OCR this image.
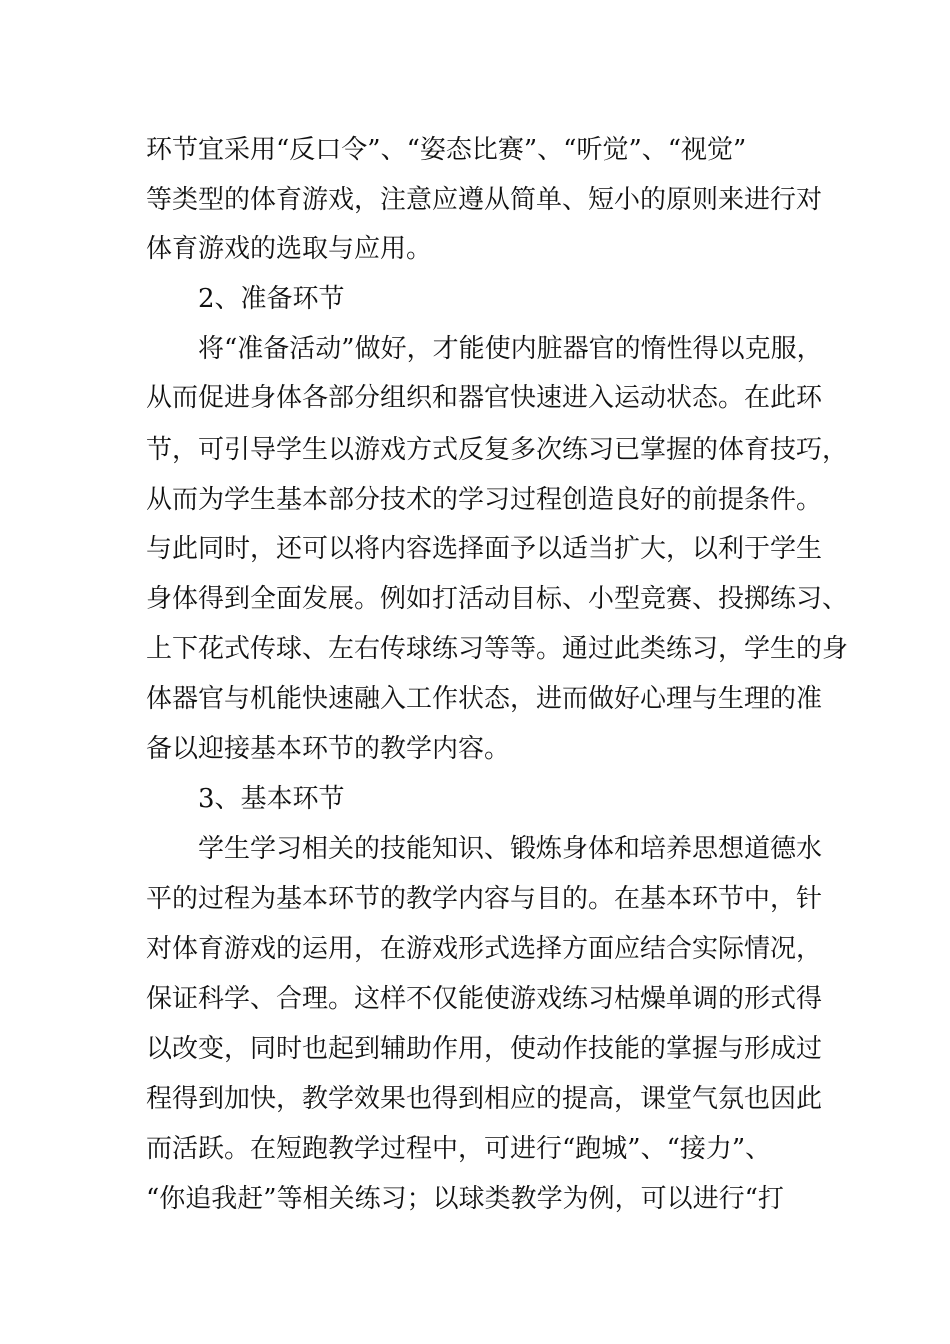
环节宜采用“反口令”、“姿态比赛”、“听觉”、“视觉”
等类型的体育游戏，注意应遵从简单、短小的原则来进行对
体育游戏的选取与应用。
2、准备环节
将“准备活动”做好，才能使内脏器官的惰性得以克服，
从而促进身体各部分组织和器官快速进入运动状态。在此环
节，可引导学生以游戏方式反复多次练习已掌握的体育技巧，
从而为学生基本部分技术的学习过程创造良好的前提条件。
与此同时，还可以将内容选择面予以适当扩大，以利于学生
身体得到全面发展。例如打活动目标、小型竞赛、投掷练习、
上下花式传球、左右传球练习等等。通过此类练习，学生的身
体器官与机能快速融入工作状态，进而做好心理与生理的准
备以迎接基本环节的教学内容。
3、基本环节
学生学习相关的技能知识、锻炼身体和培养思想道德水
平的过程为基本环节的教学内容与目的。在基本环节中，针
对体育游戏的运用，在游戏形式选择方面应结合实际情况，
保证科学、合理。这样不仅能使游戏练习枯燥单调的形式得
以改变，同时也起到辅助作用，使动作技能的掌握与形成过
程得到加快，教学效果也得到相应的提高，课堂气氛也因此
而活跃。在短跑教学过程中，可进行“跑城”、“接力”、
“你追我赶”等相关练习；以球类教学为例，可以进行“打
